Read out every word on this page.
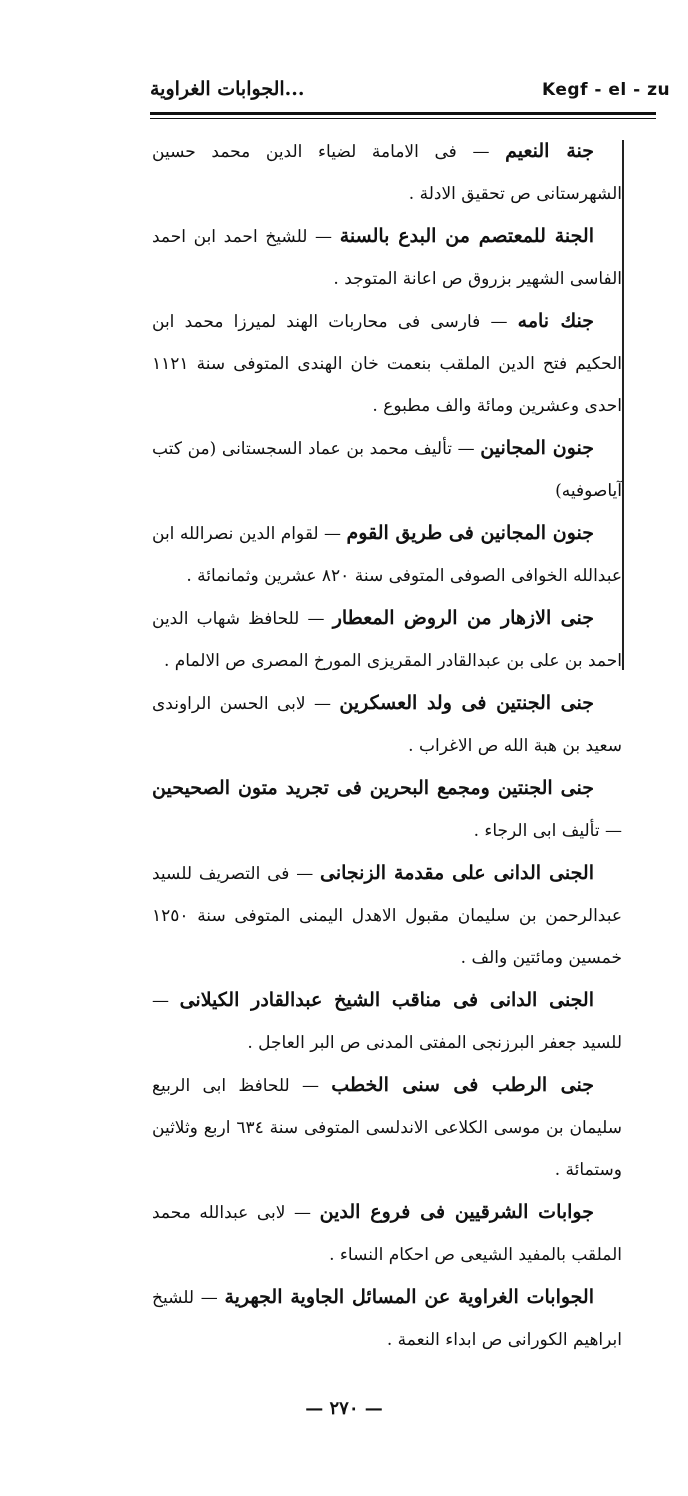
الجوابات الغراوية...	Kegf - el - zu

جنة النعيم — فى الامامة لضياء الدين محمد حسين الشهرستانى ص تحقيق الادلة .

الجنة للمعتصم من البدع بالسنة — للشيخ احمد ابن احمد الفاسى الشهير بزروق ص اعانة المتوجد .

جنك نامه — فارسى فى محاربات الهند لميرزا محمد ابن الحكيم فتح الدين الملقب بنعمت خان الهندى المتوفى سنة ١١٢١ احدى وعشرين ومائة والف مطبوع .

جنون المجانين — تأليف محمد بن عماد السجستانى (من كتب آياصوفيه)

جنون المجانين فى طريق القوم — لقوام الدين نصرالله ابن عبدالله الخوافى الصوفى المتوفى سنة ٨٢٠ عشرين وثمانمائة .

جنى الازهار من الروض المعطار — للحافظ شهاب الدين احمد بن على بن عبدالقادر المقريزى المورخ المصرى ص الالمام .

جنى الجنتين فى ولد العسكرين — لابى الحسن الراوندى سعيد بن هبة الله ص الاغراب .

جنى الجنتين ومجمع البحرين فى تجريد متون الصحيحين — تأليف ابى الرجاء .

الجنى الدانى على مقدمة الزنجانى — فى التصريف للسيد عبدالرحمن بن سليمان مقبول الاهدل اليمنى المتوفى سنة ١٢٥٠ خمسين ومائتين والف .

الجنى الدانى فى مناقب الشيخ عبدالقادر الكيلانى — للسيد جعفر البرزنجى المفتى المدنى ص البر العاجل .

جنى الرطب فى سنى الخطب — للحافظ ابى الربيع سليمان بن موسى الكلاعى الاندلسى المتوفى سنة ٦٣٤ اربع وثلاثين وستمائة .

جوابات الشرقيين فى فروع الدين — لابى عبدالله محمد الملقب بالمفيد الشيعى ص احكام النساء .

الجوابات الغراوية عن المسائل الجاوية الجهرية — للشيخ ابراهيم الكورانى ص ابداء النعمة .

— ٢٧٠ —
